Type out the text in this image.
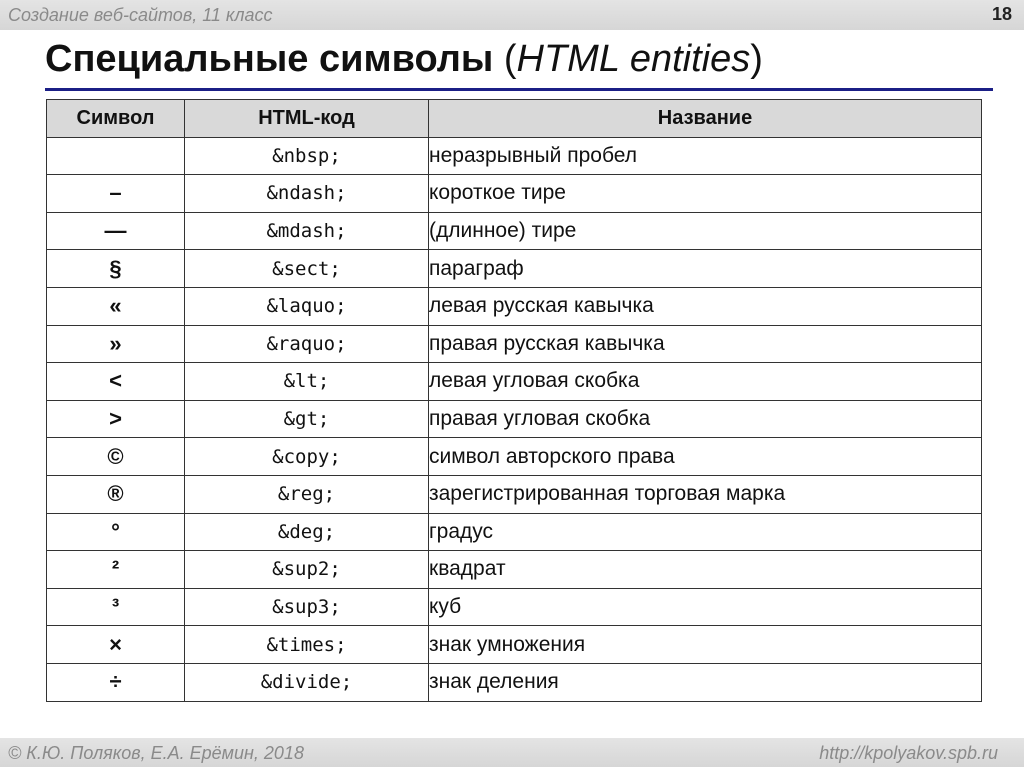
Создание веб-сайтов, 11 класс	18
Специальные символы (HTML entities)
Символ	HTML-код	Название
	&nbsp;	неразрывный пробел
–	&ndash;	короткое тире
—	&mdash;	(длинное) тире
§	&sect;	параграф
«	&laquo;	левая русская кавычка
»	&raquo;	правая русская кавычка
<	&lt;	левая угловая скобка
>	&gt;	правая угловая скобка
©	&copy;	символ авторского права
®	&reg;	зарегистрированная торговая марка
°	&deg;	градус
²	&sup2;	квадрат
³	&sup3;	куб
×	&times;	знак умножения
÷	&divide;	знак деления
© К.Ю. Поляков, Е.А. Ерёмин, 2018	http://kpolyakov.spb.ru
